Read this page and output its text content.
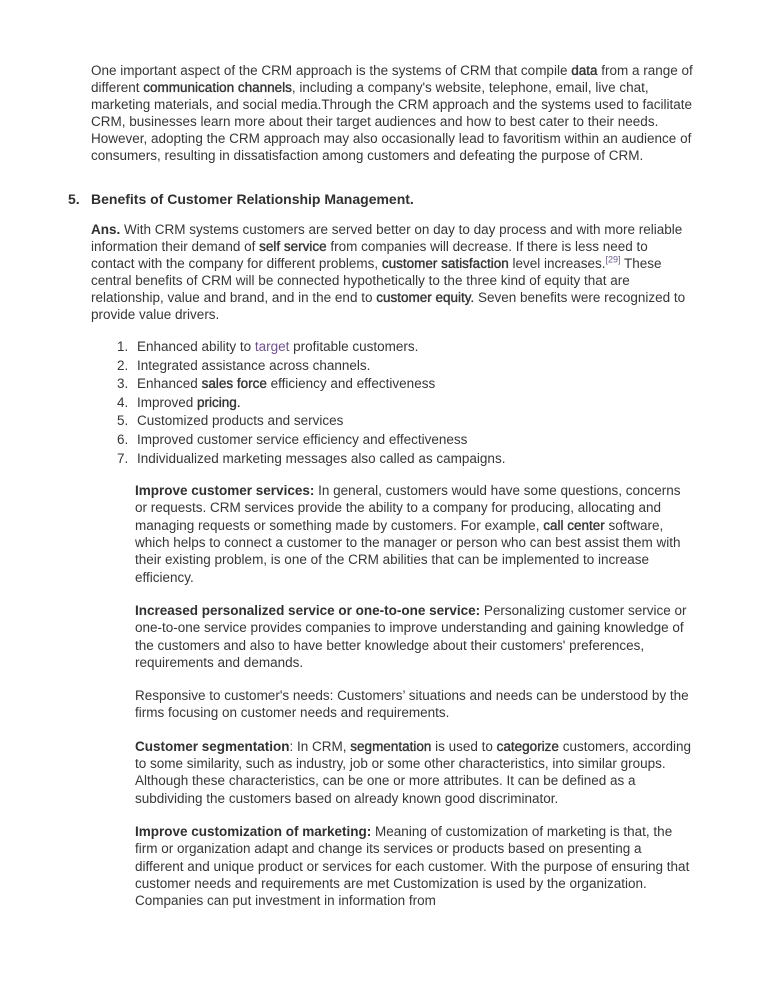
One important aspect of the CRM approach is the systems of CRM that compile data from a range of different communication channels, including a company's website, telephone, email, live chat, marketing materials, and social media.Through the CRM approach and the systems used to facilitate CRM, businesses learn more about their target audiences and how to best cater to their needs. However, adopting the CRM approach may also occasionally lead to favoritism within an audience of consumers, resulting in dissatisfaction among customers and defeating the purpose of CRM.

5. Benefits of Customer Relationship Management.

Ans. With CRM systems customers are served better on day to day process and with more reliable information their demand of self service from companies will decrease. If there is less need to contact with the company for different problems, customer satisfaction level increases.[29] These central benefits of CRM will be connected hypothetically to the three kind of equity that are relationship, value and brand, and in the end to customer equity. Seven benefits were recognized to provide value drivers.

1. Enhanced ability to target profitable customers.
2. Integrated assistance across channels.
3. Enhanced sales force efficiency and effectiveness
4. Improved pricing.
5. Customized products and services
6. Improved customer service efficiency and effectiveness
7. Individualized marketing messages also called as campaigns.

Improve customer services: In general, customers would have some questions, concerns or requests. CRM services provide the ability to a company for producing, allocating and managing requests or something made by customers. For example, call center software, which helps to connect a customer to the manager or person who can best assist them with their existing problem, is one of the CRM abilities that can be implemented to increase efficiency.

Increased personalized service or one-to-one service: Personalizing customer service or one-to-one service provides companies to improve understanding and gaining knowledge of the customers and also to have better knowledge about their customers' preferences, requirements and demands.

Responsive to customer's needs: Customers’ situations and needs can be understood by the firms focusing on customer needs and requirements.

Customer segmentation: In CRM, segmentation is used to categorize customers, according to some similarity, such as industry, job or some other characteristics, into similar groups. Although these characteristics, can be one or more attributes. It can be defined as a subdividing the customers based on already known good discriminator.

Improve customization of marketing: Meaning of customization of marketing is that, the firm or organization adapt and change its services or products based on presenting a different and unique product or services for each customer. With the purpose of ensuring that customer needs and requirements are met Customization is used by the organization. Companies can put investment in information from
